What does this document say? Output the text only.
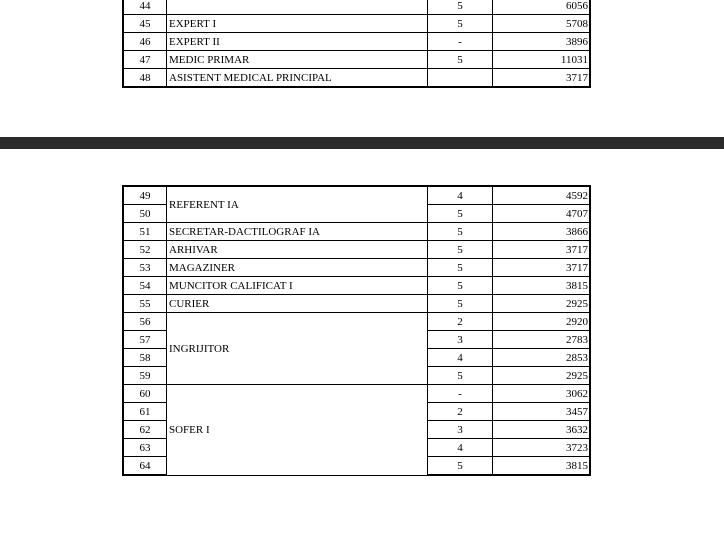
44		5	6056
45	EXPERT I	5	5708
46	EXPERT II	-	3896
47	MEDIC PRIMAR	5	11031
48	ASISTENT MEDICAL PRINCIPAL		3717
49	REFERENT IA	4	4592
50		5	4707
51	SECRETAR-DACTILOGRAF IA	5	3866
52	ARHIVAR	5	3717
53	MAGAZINER	5	3717
54	MUNCITOR CALIFICAT I	5	3815
55	CURIER	5	2925
56	INGRIJITOR	2	2920
57		3	2783
58		4	2853
59		5	2925
60	SOFER I	-	3062
61		2	3457
62		3	3632
63		4	3723
64		5	3815
